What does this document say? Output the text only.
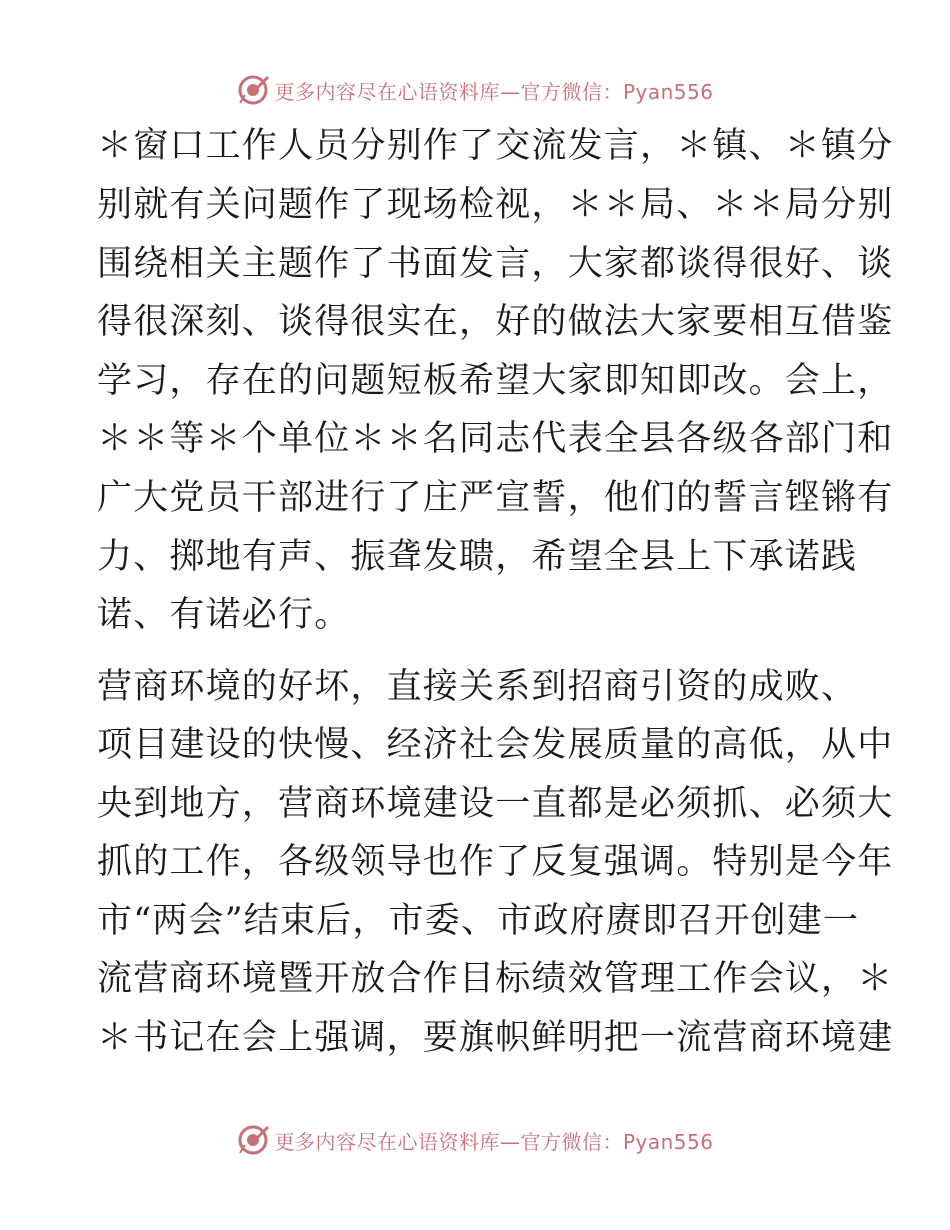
更多内容尽在心语资料库—官方微信：Pyan556
＊窗口工作人员分别作了交流发言，＊镇、＊镇分
别就有关问题作了现场检视，＊＊局、＊＊局分别
围绕相关主题作了书面发言，大家都谈得很好、谈
得很深刻、谈得很实在，好的做法大家要相互借鉴
学习，存在的问题短板希望大家即知即改。会上，
＊＊等＊个单位＊＊名同志代表全县各级各部门和
广大党员干部进行了庄严宣誓，他们的誓言铿锵有
力、掷地有声、振聋发聩，希望全县上下承诺践
诺、有诺必行。
营商环境的好坏，直接关系到招商引资的成败、
项目建设的快慢、经济社会发展质量的高低，从中
央到地方，营商环境建设一直都是必须抓、必须大
抓的工作，各级领导也作了反复强调。特别是今年
市“两会”结束后，市委、市政府赓即召开创建一
流营商环境暨开放合作目标绩效管理工作会议，＊
＊书记在会上强调，要旗帜鲜明把一流营商环境建
更多内容尽在心语资料库—官方微信：Pyan556
